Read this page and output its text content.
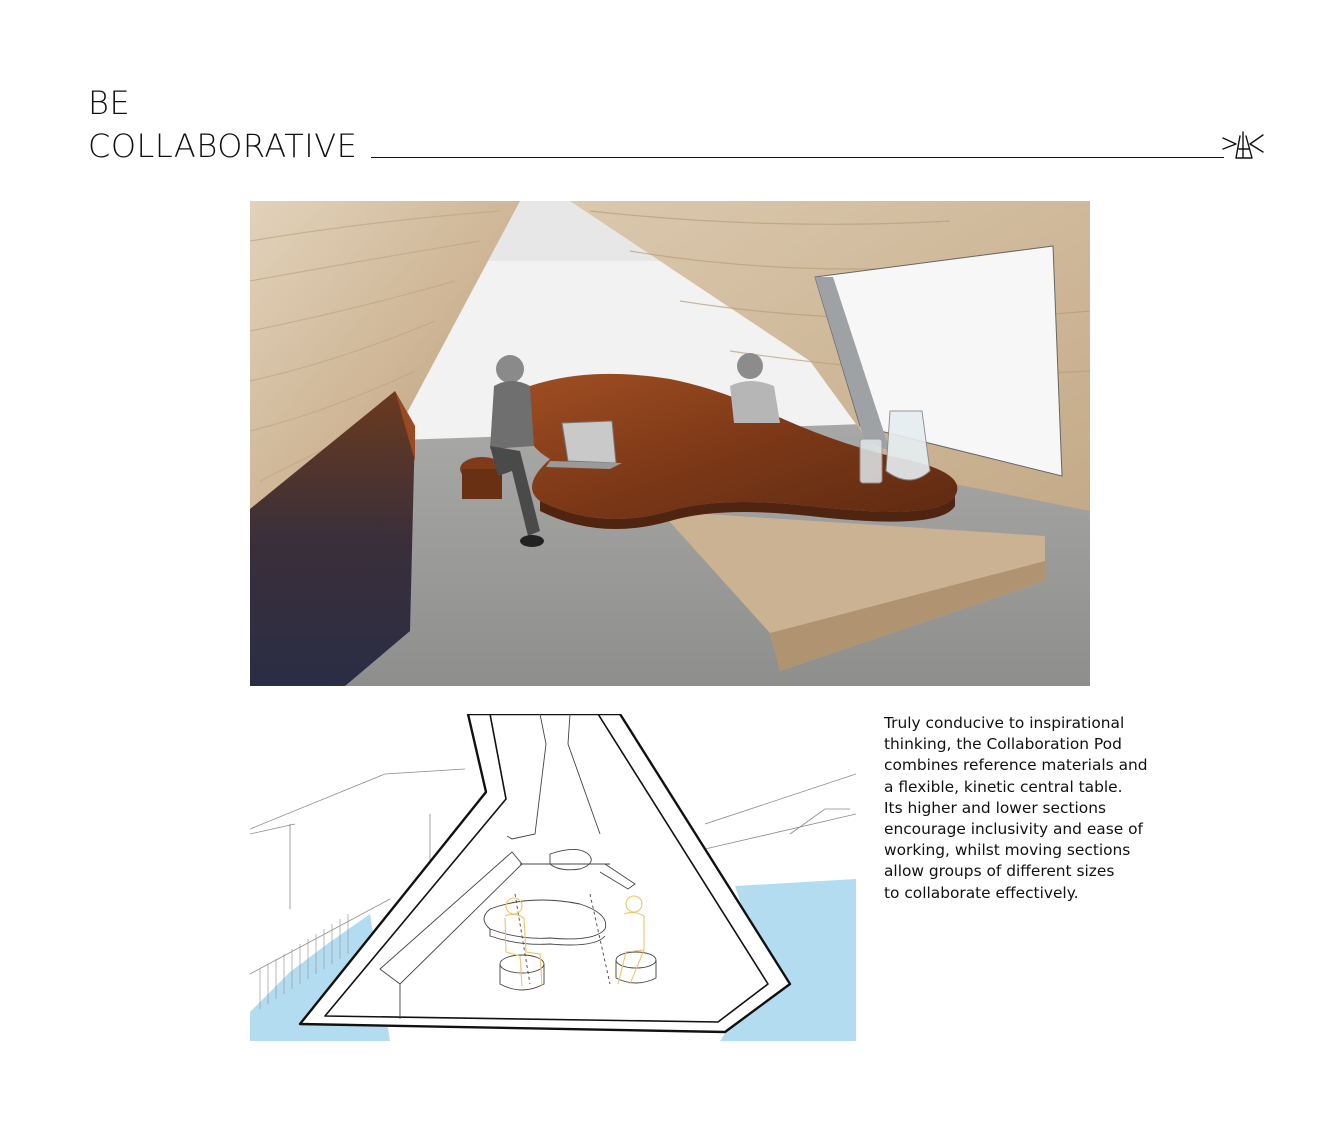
BE
COLLABORATIVE
Truly conducive to inspirational
thinking, the Collaboration Pod
combines reference materials and
a flexible, kinetic central table.
Its higher and lower sections
encourage inclusivity and ease of
working, whilst moving sections
allow groups of different sizes
to collaborate effectively.
